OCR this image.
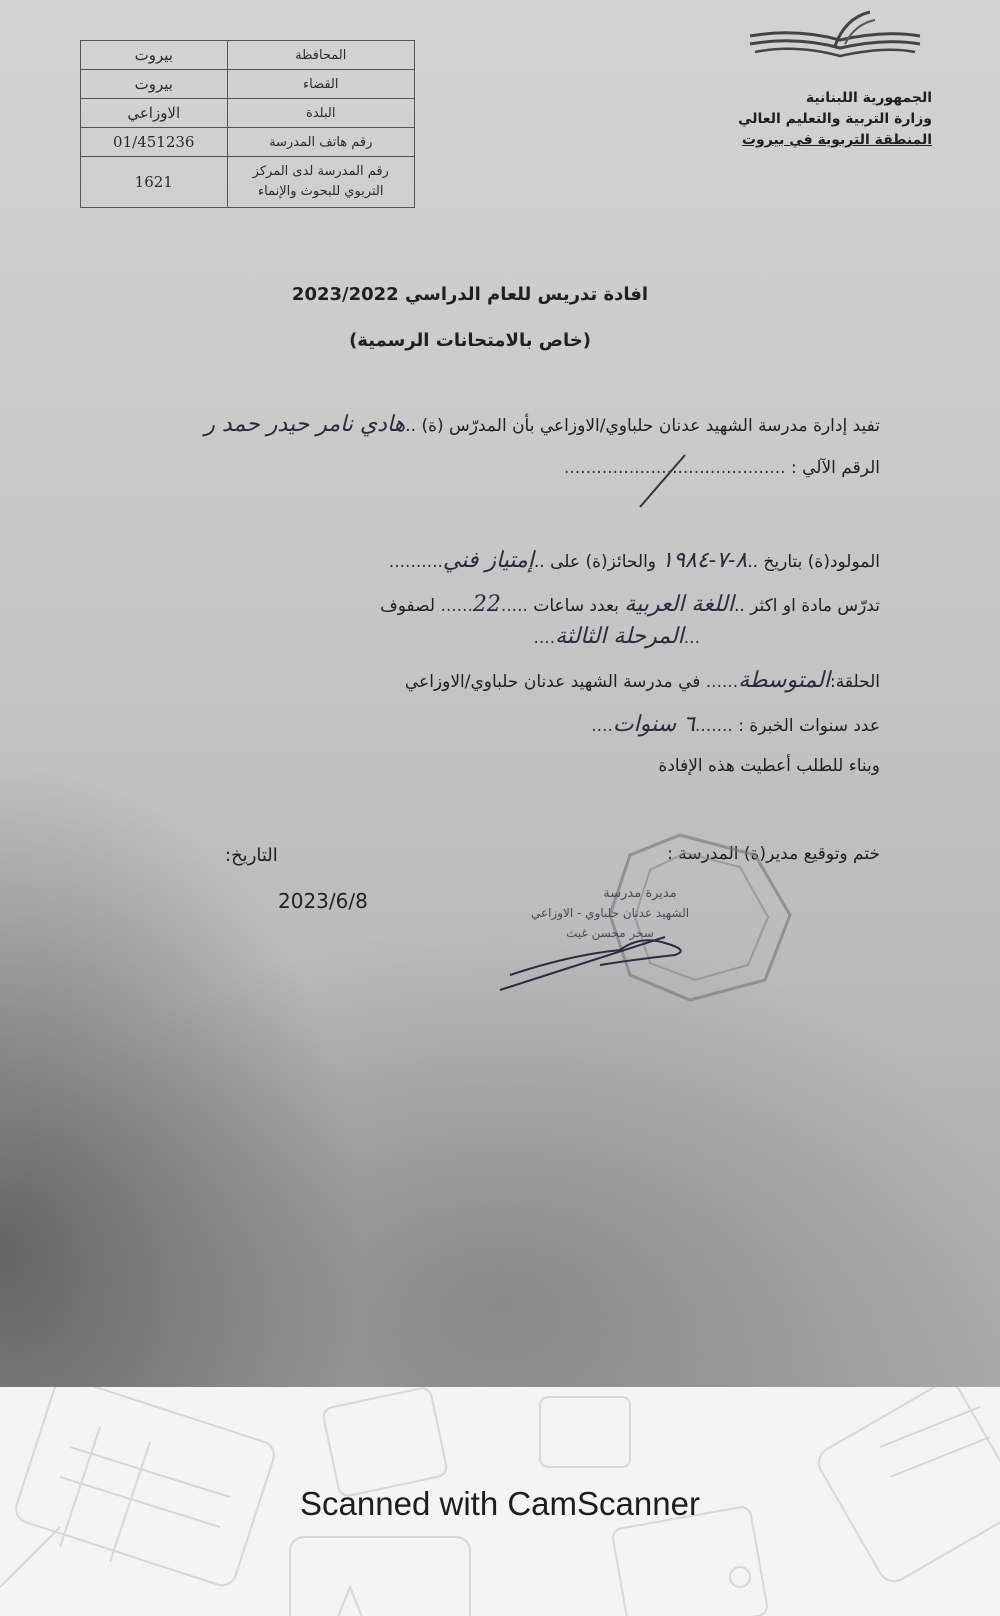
بيروت	المحافظة
بيروت	القضاء
الاوزاعي	البلدة
01/451236	رقم هاتف المدرسة
1621	رقم المدرسة لدى المركز التربوي للبحوث والإنماء
الجمهورية اللبنانية
وزارة التربية والتعليم العالي
المنطقة التربوية في بيروت
افادة تدريس للعام الدراسي 2023/2022
(خاص بالامتحانات الرسمية)
تفيد إدارة مدرسة الشهيد عدنان حلباوي/الاوزاعي بأن المدرّس (ة) ..هادي نامر حيدر حمد ر
الرقم الآلي : .........................................
المولود(ة) بتاريخ ..٨-٧-١٩٨٤ والحائز(ة) على ..إمتياز فني..........
تدرّس مادة او اكثر ..اللغة العربية بعدد ساعات .....22...... لصفوف
...المرحلة الثالثة....
الحلقة:المتوسطة...... في مدرسة الشهيد عدنان حلباوي/الاوزاعي
عدد سنوات الخبرة : .......٦ سنوات....
وبناء للطلب أعطيت هذه الإفادة
ختم وتوقيع مدير(ة) المدرسة :
التاريخ:
2023/6/8	مديرة مدرسة
الشهيد عدنان حلباوي - الاوزاعي
سحر محسن غيث
Scanned with CamScanner
